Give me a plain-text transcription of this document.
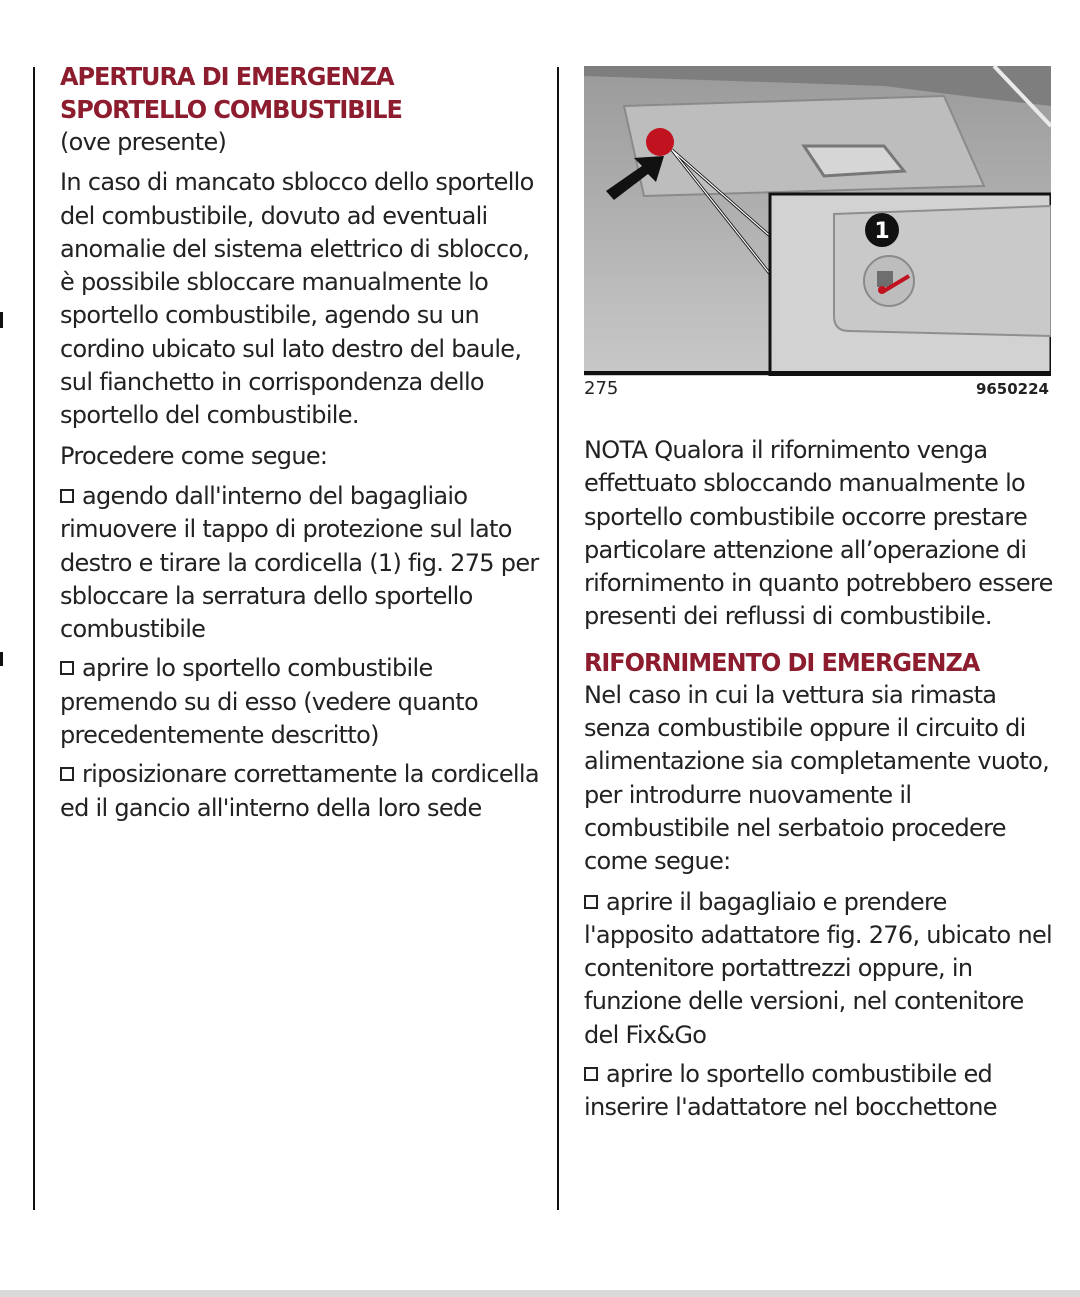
APERTURA DI EMERGENZA
SPORTELLO COMBUSTIBILE

(ove presente)

In caso di mancato sblocco dello sportello del combustibile, dovuto ad eventuali anomalie del sistema elettrico di sblocco, è possibile sbloccare manualmente lo sportello combustibile, agendo su un cordino ubicato sul lato destro del baule, sul fianchetto in corrispondenza dello sportello del combustibile.

Procedere come segue:

agendo dall'interno del bagagliaio rimuovere il tappo di protezione sul lato destro e tirare la cordicella (1) fig. 275 per sbloccare la serratura dello sportello combustibile

aprire lo sportello combustibile premendo su di esso (vedere quanto precedentemente descritto)

riposizionare correttamente la cordicella ed il gancio all'interno della loro sede

1
275	9650224

NOTA Qualora il rifornimento venga effettuato sbloccando manualmente lo sportello combustibile occorre prestare particolare attenzione all’operazione di rifornimento in quanto potrebbero essere presenti dei reflussi di combustibile.

RIFORNIMENTO DI EMERGENZA

Nel caso in cui la vettura sia rimasta senza combustibile oppure il circuito di alimentazione sia completamente vuoto, per introdurre nuovamente il combustibile nel serbatoio procedere come segue:

aprire il bagagliaio e prendere l'apposito adattatore fig. 276, ubicato nel contenitore portattrezzi oppure, in funzione delle versioni, nel contenitore del Fix&Go

aprire lo sportello combustibile ed inserire l'adattatore nel bocchettone
